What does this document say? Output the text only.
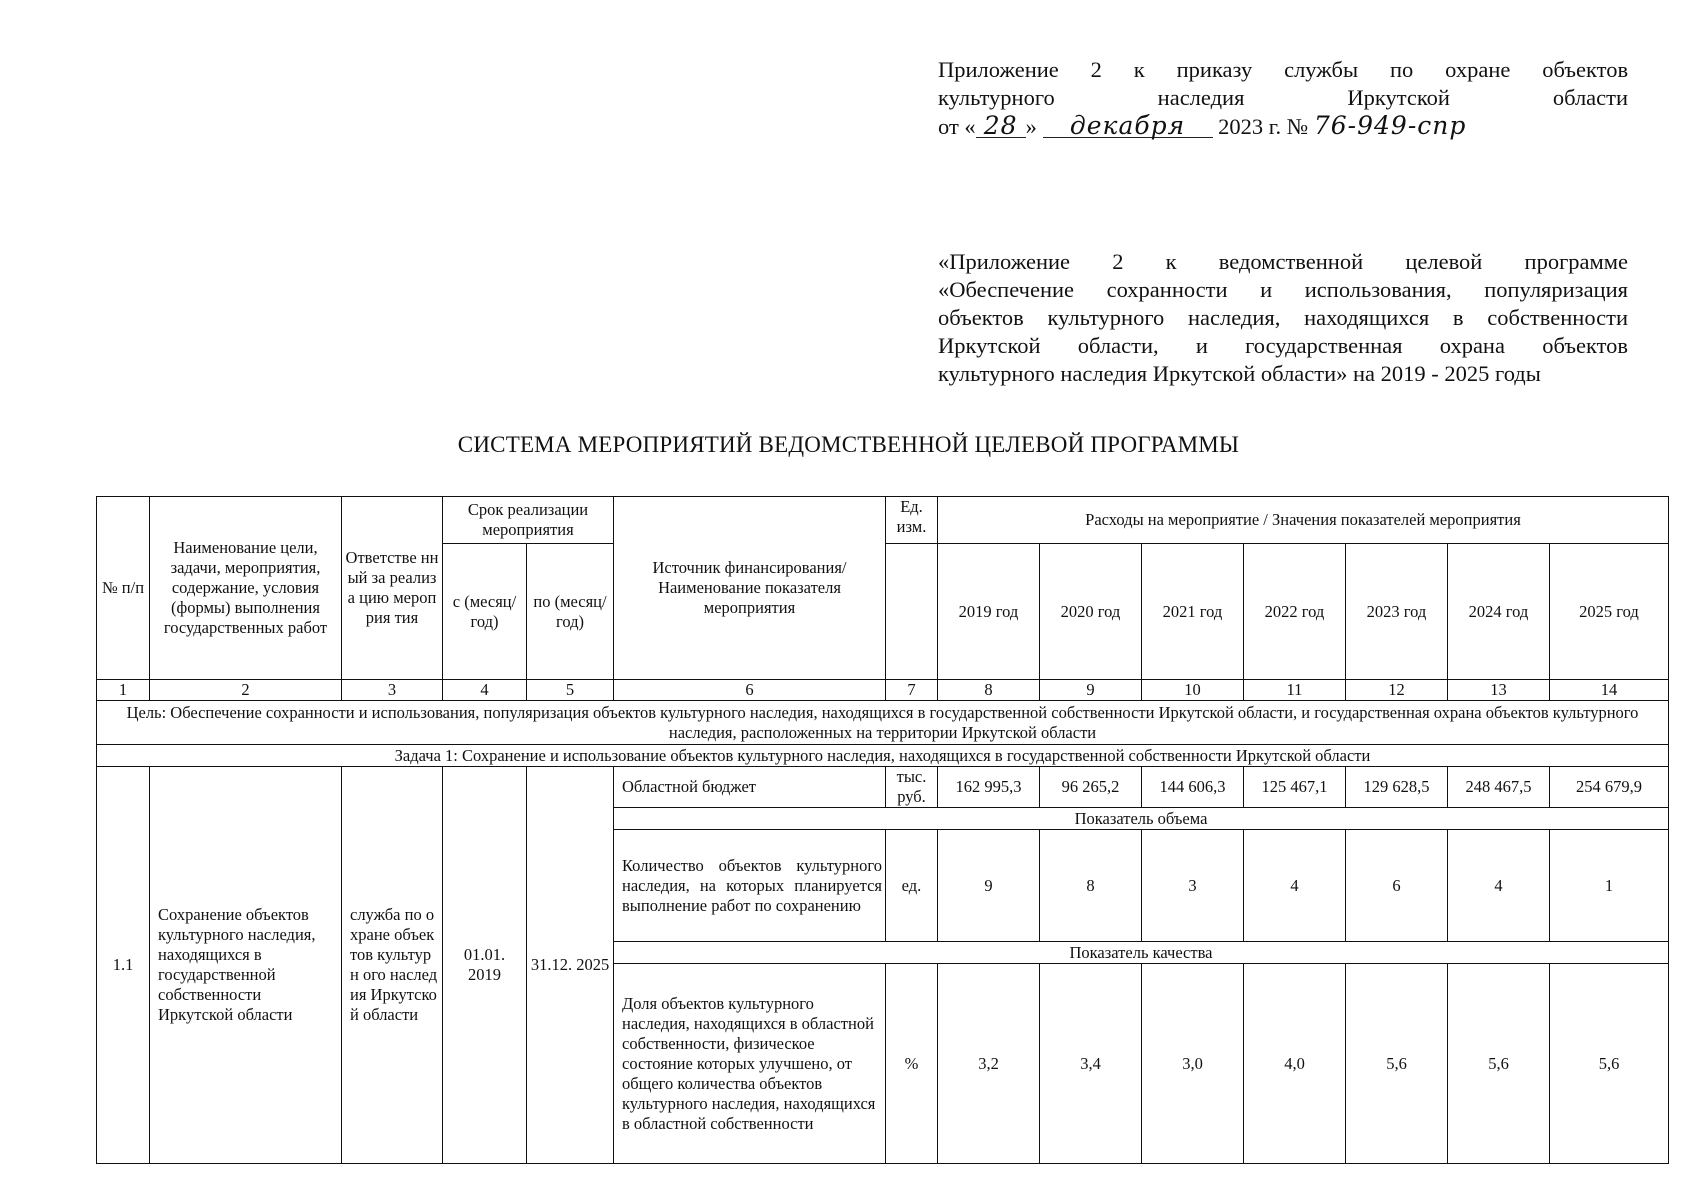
Приложение 2 к приказу службы по охране объектов
культурного	наследия	Иркутской	области
от « 28 » декабря 2023 г. № 76-949-спр
«Приложение 2 к ведомственной целевой программе
«Обеспечение сохранности и использования, популяризация
объектов культурного наследия, находящихся в собственности
Иркутской области, и государственная охрана объектов
культурного наследия Иркутской области» на 2019 - 2025 годы
СИСТЕМА МЕРОПРИЯТИЙ ВЕДОМСТВЕННОЙ ЦЕЛЕВОЙ ПРОГРАММЫ
№ п/п	Наименование цели, задачи, мероприятия, содержание, условия (формы) выполнения государственных работ	Ответстве нный за реализа цию мероприя тия	Срок реализации мероприятия		Источник финансирования/ Наименование показателя мероприятия	Ед. изм.	Расходы на мероприятие / Значения показателей мероприятия						
			с (месяц/ год)	по (месяц/ год)			2019 год	2020 год	2021 год	2022 год	2023 год	2024 год	2025 год
1	2	3	4	5	6	7	8	9	10	11	12	13	14
Цель: Обеспечение сохранности и использования, популяризация объектов культурного наследия, находящихся в государственной собственности Иркутской области, и государственная охрана объектов культурного наследия, расположенных на территории Иркутской области													
Задача 1: Сохранение и использование объектов культурного наследия, находящихся в государственной собственности Иркутской области													
1.1	Сохранение объектов культурного наследия, находящихся в государственной собственности Иркутской области	служба по охране объектов культурн ого наследия Иркутско й области	01.01. 2019	31.12. 2025	Областной бюджет	тыс. руб.	162 995,3	96 265,2	144 606,3	125 467,1	129 628,5	248 467,5	254 679,9
					Показатель объема								
					Количество объектов культурного наследия, на которых планируется выполнение работ по сохранению	ед.	9	8	3	4	6	4	1
					Показатель качества								
					Доля объектов культурного наследия, находящихся в областной собственности, физическое состояние которых улучшено, от общего количества объектов культурного наследия, находящихся в областной собственности	%	3,2	3,4	3,0	4,0	5,6	5,6	5,6
